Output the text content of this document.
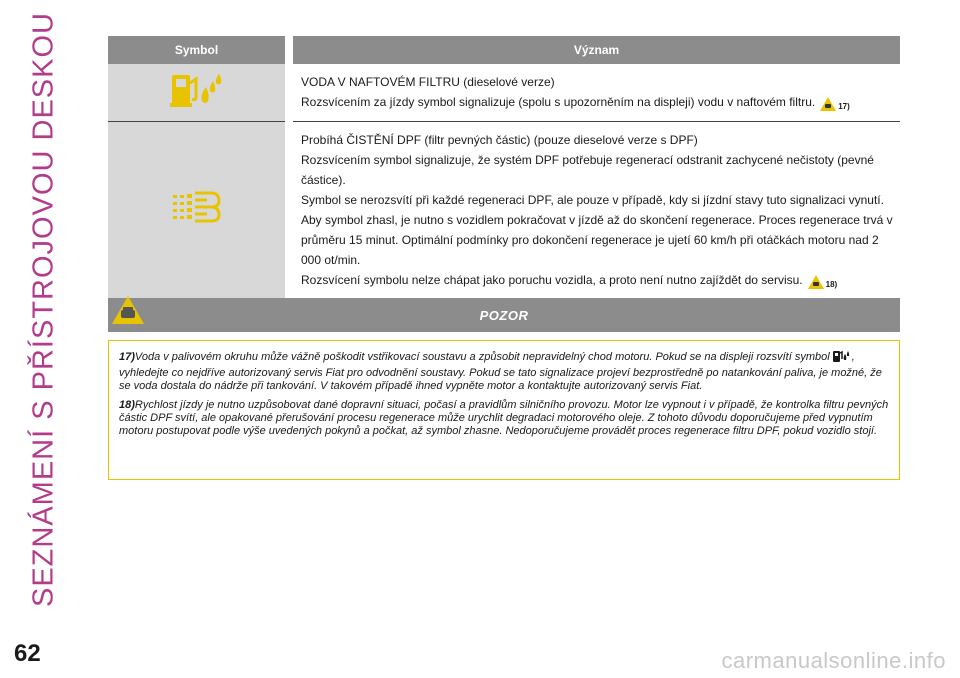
SEZNÁMENÍ S PŘÍSTROJOVOU DESKOU	Symbol	Význam

VODA V NAFTOVÉM FILTRU (dieselové verze)

Rozsvícením za jízdy symbol signalizuje (spolu s upozorněním na displeji) vodu v naftovém filtru. 17)

Probíhá ČISTĚNÍ DPF (filtr pevných částic) (pouze dieselové verze s DPF)

Rozsvícením symbol signalizuje, že systém DPF potřebuje regenerací odstranit zachycené nečistoty (pevné částice).

Symbol se nerozsvítí při každé regeneraci DPF, ale pouze v případě, kdy si jízdní stavy tuto signalizaci vynutí. Aby symbol zhasl, je nutno s vozidlem pokračovat v jízdě až do skončení regenerace. Proces regenerace trvá v průměru 15 minut. Optimální podmínky pro dokončení regenerace je ujetí 60 km/h při otáčkách motoru nad 2 000 ot/min.

Rozsvícení symbolu nelze chápat jako poruchu vozidla, a proto není nutno zajíždět do servisu. 18)

POZOR

17)Voda v palivovém okruhu může vážně poškodit vstřikovací soustavu a způsobit nepravidelný chod motoru. Pokud se na displeji rozsvítí symbol , vyhledejte co nejdříve autorizovaný servis Fiat pro odvodnění soustavy. Pokud se tato signalizace projeví bezprostředně po natankování paliva, je možné, že se voda dostala do nádrže při tankování. V takovém případě ihned vypněte motor a kontaktujte autorizovaný servis Fiat.

18)Rychlost jízdy je nutno uzpůsobovat dané dopravní situaci, počasí a pravidlům silničního provozu. Motor lze vypnout i v případě, že kontrolka filtru pevných částic DPF svítí, ale opakované přerušování procesu regenerace může urychlit degradaci motorového oleje. Z tohoto důvodu doporučujeme před vypnutím motoru postupovat podle výše uvedených pokynů a počkat, až symbol zhasne. Nedoporučujeme provádět proces regenerace filtru DPF, pokud vozidlo stojí.

62	carmanualsonline.info
